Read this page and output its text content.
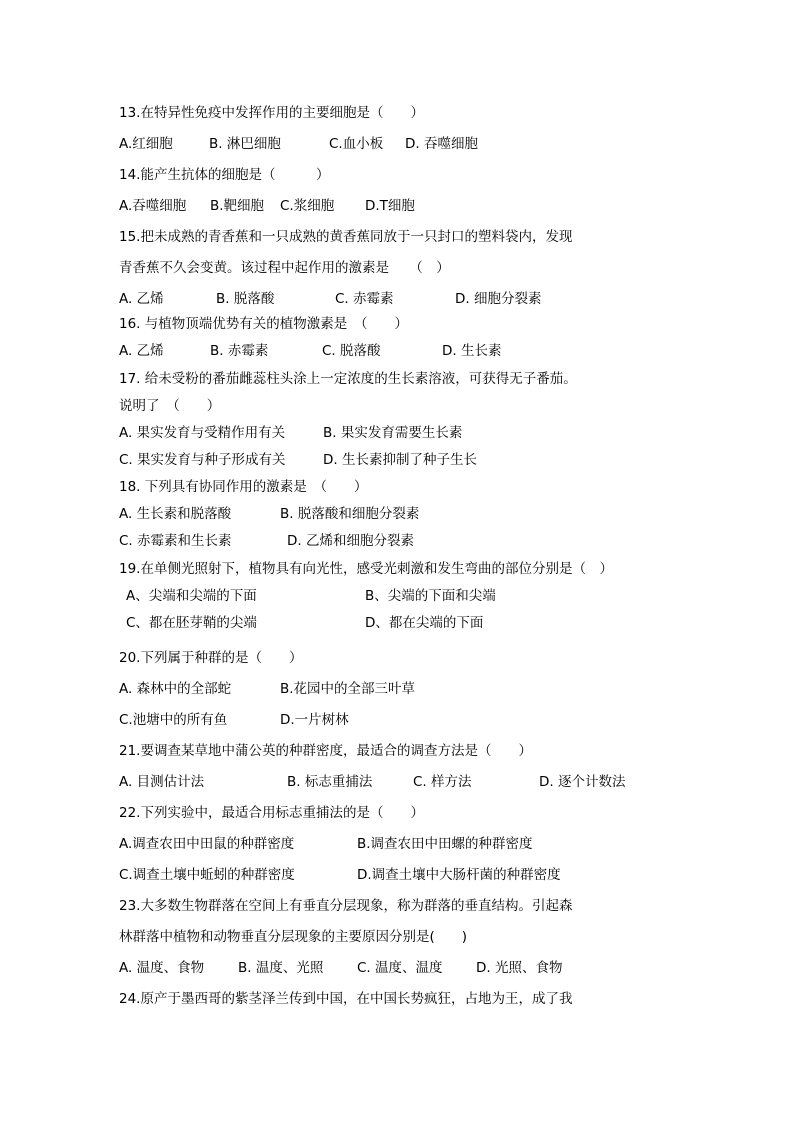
13.在特异性免疫中发挥作用的主要细胞是（　　）
A.红细胞	B. 淋巴细胞	C.血小板 D. 吞噬细胞
14.能产生抗体的细胞是（　　　）
A.吞噬细胞 B.靶细胞 C.浆细胞 D.T细胞
15.把未成熟的青香蕉和一只成熟的黄香蕉同放于一只封口的塑料袋内，发现
青香蕉不久会变黄。该过程中起作用的激素是　　（　）
A. 乙烯	B. 脱落酸	C. 赤霉素	D. 细胞分裂素
16. 与植物顶端优势有关的植物激素是　（　　）
A. 乙烯	B. 赤霉素	C. 脱落酸	D. 生长素
17. 给未受粉的番茄雌蕊柱头涂上一定浓度的生长素溶液，可获得无子番茄。
说明了　（　　）
A. 果实发育与受精作用有关	B. 果实发育需要生长素
C. 果实发育与种子形成有关	D. 生长素抑制了种子生长
18. 下列具有协同作用的激素是　（　　）
A. 生长素和脱落酸	B. 脱落酸和细胞分裂素
C. 赤霉素和生长素	D. 乙烯和细胞分裂素
19.在单侧光照射下，植物具有向光性，感受光刺激和发生弯曲的部位分别是（　）
A、尖端和尖端的下面	B、尖端的下面和尖端
C、都在胚芽鞘的尖端	D、都在尖端的下面
20.下列属于种群的是（　　）
A. 森林中的全部蛇	B.花园中的全部三叶草
C.池塘中的所有鱼	D.一片树林
21.要调查某草地中蒲公英的种群密度，最适合的调查方法是（　　）
A. 目测估计法	B. 标志重捕法	C. 样方法	D. 逐个计数法
22.下列实验中，最适合用标志重捕法的是（　　）
A.调查农田中田鼠的种群密度	B.调查农田中田螺的种群密度
C.调查土壤中蚯蚓的种群密度	D.调查土壤中大肠杆菌的种群密度
23.大多数生物群落在空间上有垂直分层现象，称为群落的垂直结构。引起森
林群落中植物和动物垂直分层现象的主要原因分别是(　　)
A. 温度、食物	B. 温度、光照 C. 温度、温度 D. 光照、食物
24.原产于墨西哥的紫茎泽兰传到中国，在中国长势疯狂，占地为王，成了我
